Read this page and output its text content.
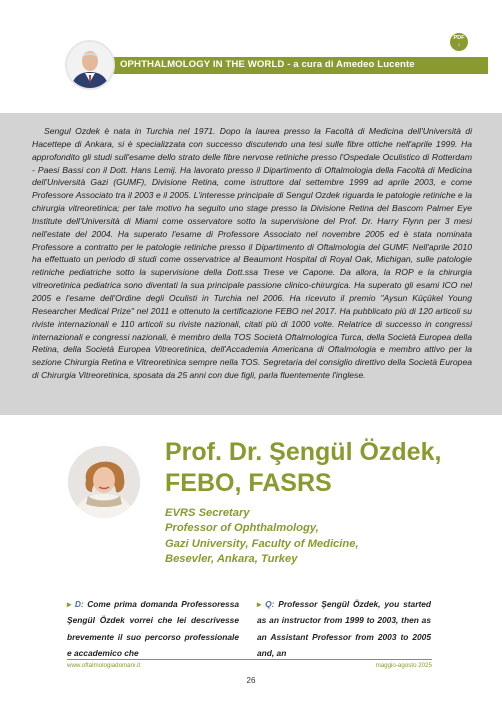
PDF
↓
OPHTHALMOLOGY IN THE WORLD - a cura di Amedeo Lucente

Sengul Ozdek è nata in Turchia nel 1971. Dopo la laurea presso la Facoltà di Medicina dell'Università di Hacettepe di Ankara, si è specializzata con successo discutendo una tesi sulle fibre ottiche nell'aprile 1999. Ha approfondito gli studi sull'esame dello strato delle fibre nervose retiniche presso l'Ospedale Oculistico di Rotterdam - Paesi Bassi con il Dott. Hans Lemij. Ha lavorato presso il Dipartimento di Oftalmologia della Facoltà di Medicina dell'Università Gazi (GUMF), Divisione Retina, come istruttore dal settembre 1999 ad aprile 2003, e come Professore Associato tra il 2003 e il 2005. L'interesse principale di Sengul Ozdek riguarda le patologie retiniche e la chirurgia vitreoretinica; per tale motivo ha seguito uno stage presso la Divisione Retina del Bascom Palmer Eye Institute dell'Università di Miami come osservatore sotto la supervisione del Prof. Dr. Harry Flynn per 3 mesi nell'estate del 2004. Ha superato l'esame di Professore Associato nel novembre 2005 ed è stata nominata Professore a contratto per le patologie retiniche presso il Dipartimento di Oftalmologia del GUMF. Nell'aprile 2010 ha effettuato un periodo di studi come osservatrice al Beaumont Hospital di Royal Oak, Michigan, sulle patologie retiniche pediatriche sotto la supervisione della Dott.ssa Trese ve Capone. Da allora, la ROP e la chirurgia vitreoretinica pediatrica sono diventati la sua principale passione clinico-chirurgica. Ha superato gli esami ICO nel 2005 e l'esame dell'Ordine degli Oculisti in Turchia nel 2006. Ha ricevuto il premio "Aysun Küçükel Young Researcher Medical Prize" nel 2011 e ottenuto la certificazione FEBO nel 2017. Ha pubblicato più di 120 articoli su riviste internazionali e 110 articoli su riviste nazionali, citati più di 1000 volte. Relatrice di successo in congressi internazionali e congressi nazionali, è membro della TOS Società Oftalmologica Turca, della Società Europea della Retina, della Società Europea Vitreoretinica, dell'Accademia Americana di Oftalmologia e membro attivo per la sezione Chirurgia Retina e Vitreoretinica sempre nella TOS. Segretaria del consiglio direttivo della Società Europea di Chirurgia Vitreoretinica, sposata da 25 anni con due figli, parla fluentemente l'inglese.

Prof. Dr. Şengül Özdek,
FEBO, FASRS
EVRS Secretary
Professor of Ophthalmology,
Gazi University, Faculty of Medicine,
Besevler, Ankara, Turkey

▸ D: Come prima domanda Professoressa Şengül Özdek vorrei che lei descrivesse brevemente il suo percorso professionale e accademico che

▸ Q: Professor Şengül Özdek, you started as an instructor from 1999 to 2003, then as an Assistant Professor from 2003 to 2005 and, an

www.oftalmologiadomani.it	maggio-agosto 2025
26
